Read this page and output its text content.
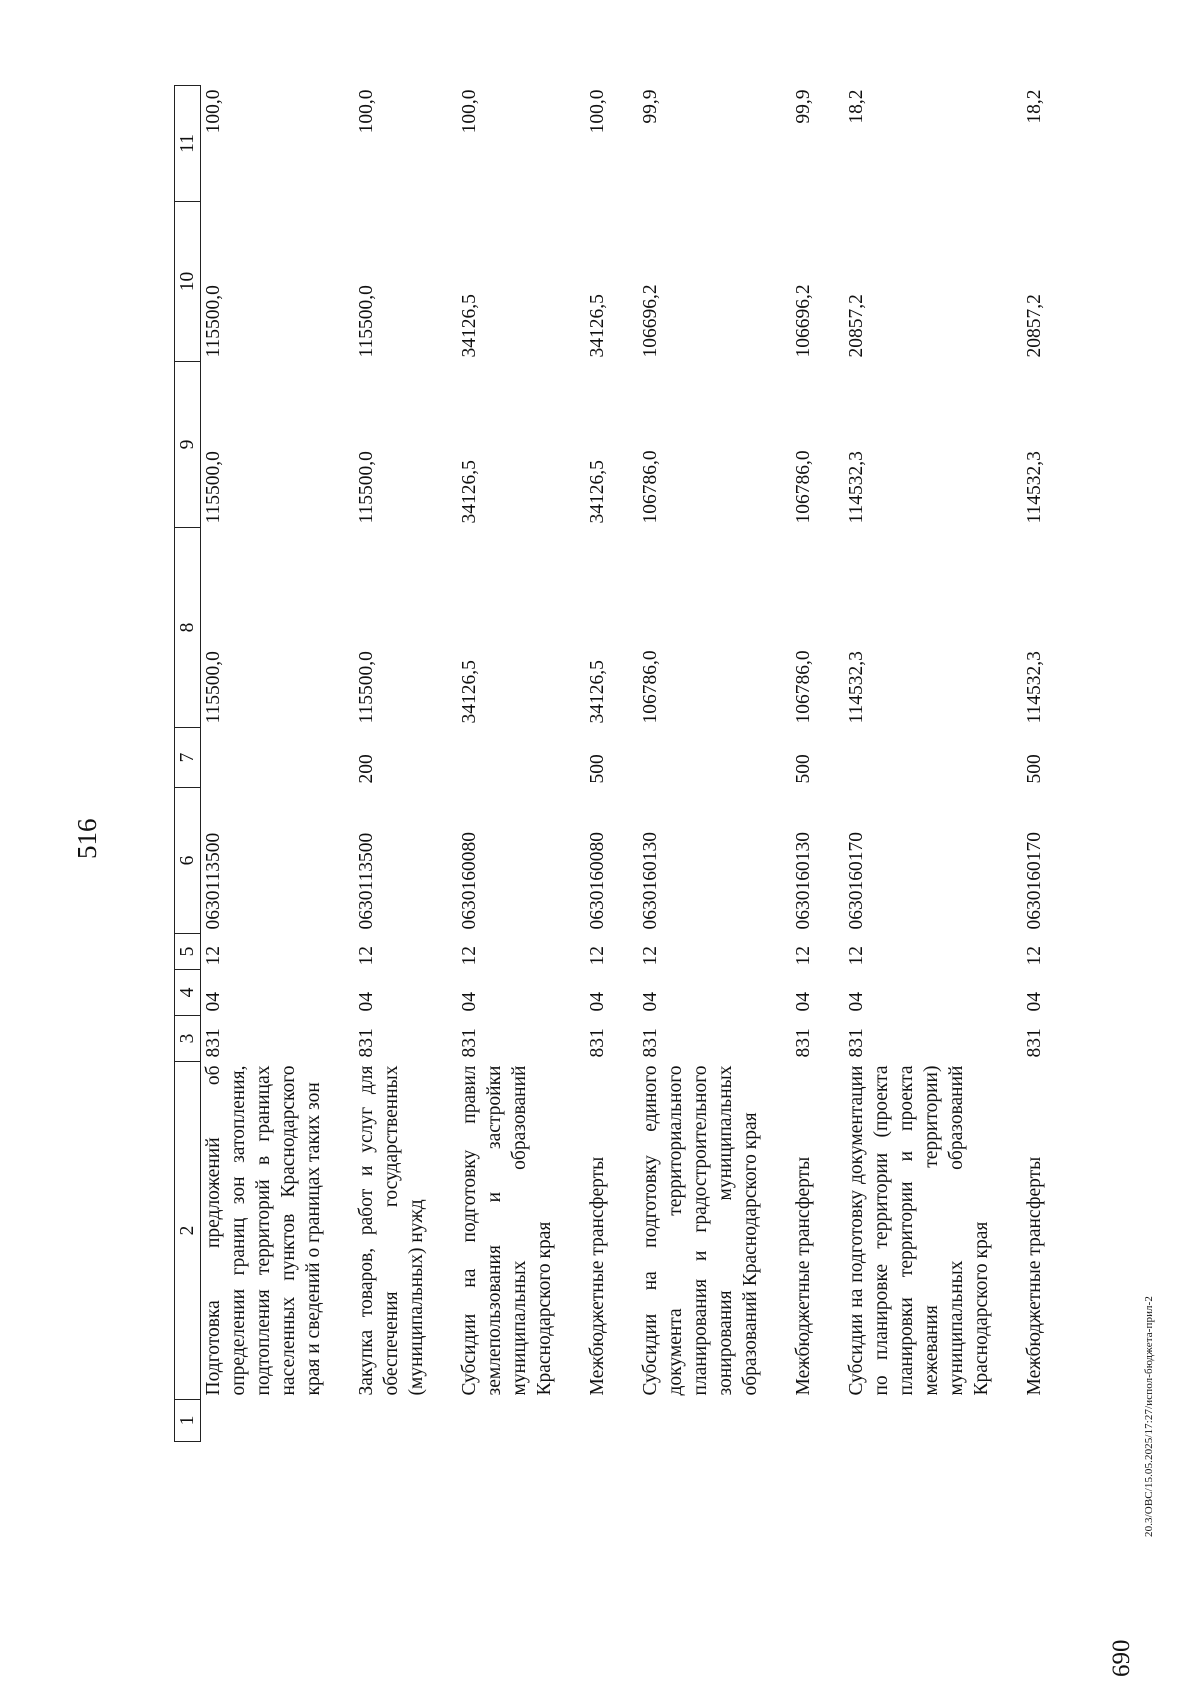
516
1	2	3	4	5	6	7	8	9	10	11
	Подготовка предложений об определении границ зон затопления, подтопления территорий в границах населенных пунктов Краснодарского края и сведений о границах таких зон	831	04	12	0630113500		115500,0	115500,0	115500,0	100,0
	Закупка товаров, работ и услуг для обеспечения государственных (муниципальных) нужд	831	04	12	0630113500	200	115500,0	115500,0	115500,0	100,0
	Субсидии на подготовку правил землепользования и застройки муниципальных образований Краснодарского края	831	04	12	0630160080		34126,5	34126,5	34126,5	100,0
	Межбюджетные трансферты	831	04	12	0630160080	500	34126,5	34126,5	34126,5	100,0
	Субсидии на подготовку единого документа территориального планирования и градостроительного зонирования муниципальных образований Краснодарского края	831	04	12	0630160130		106786,0	106786,0	106696,2	99,9
	Межбюджетные трансферты	831	04	12	0630160130	500	106786,0	106786,0	106696,2	99,9
	Субсидии на подготовку документации по планировке территории (проекта планировки территории и проекта межевания территории) муниципальных образований Краснодарского края	831	04	12	0630160170		114532,3	114532,3	20857,2	18,2
	Межбюджетные трансферты	831	04	12	0630160170	500	114532,3	114532,3	20857,2	18,2
690
20.3/ОВС/15.05.2025/17:27/испол-бюджета-прил-2
